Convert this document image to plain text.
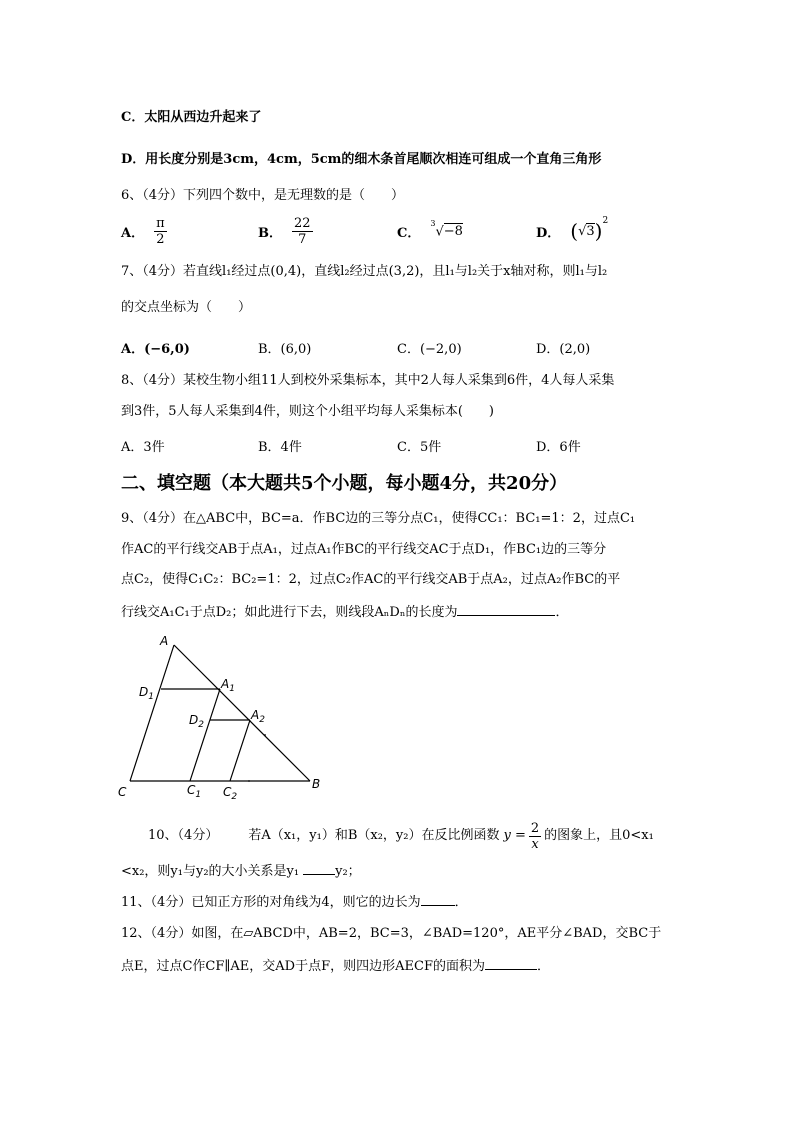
C．太阳从西边升起来了
D．用长度分别是3cm，4cm，5cm的细木条首尾顺次相连可组成一个直角三角形
6、（4分）下列四个数中，是无理数的是（　　）
A． $\frac{\pi}{2}$	B． $\frac{22}{7}$	C．
$^3$√−8	D． ( √ 3 )$^2$
7、（4分）若直线l₁经过点(0,4)，直线l₂经过点(3,2)，且l₁与l₂关于x轴对称，则l₁与l₂
的交点坐标为（　　）
A．(−6,0)	B．(6,0)	C．(−2,0)	D．(2,0)
8、（4分）某校生物小组11人到校外采集标本，其中2人每人采集到6件，4人每人采集
到3件，5人每人采集到4件，则这个小组平均每人采集标本(　　)
A．3件	B．4件	C．5件	D．6件
二、填空题（本大题共5个小题，每小题4分，共20分）
9、（4分）在△ABC中，BC=a．作BC边的三等分点C₁，使得CC₁：BC₁=1：2，过点C₁
作AC的平行线交AB于点A₁，过点A₁作BC的平行线交AC于点D₁，作BC₁边的三等分
点C₂，使得C₁C₂：BC₂=1：2，过点C₂作AC的平行线交AB于点A₂，过点A₂作BC的平
行线交A₁C₁于点D₂；如此进行下去，则线段AₙDₙ的长度为	．
A
$D_1$
$A_1$
$D_2$
$A_2$
C	$C_1$ $C_2$
B
10、（4分） 若A（x₁，y₁）和B（x₂，y₂）在反比例函数 $y = \frac{2}{x}$ 的图象上，且0<x₁
<x₂，则y₁与y₂的大小关系是y₁	y₂；
11、（4分）已知正方形的对角线为4，则它的边长为	．
12、（4分）如图，在▱ABCD中，AB=2，BC=3，∠BAD=120°，AE平分∠BAD，交BC于
点E，过点C作CF∥AE，交AD于点F，则四边形AECF的面积为	．
